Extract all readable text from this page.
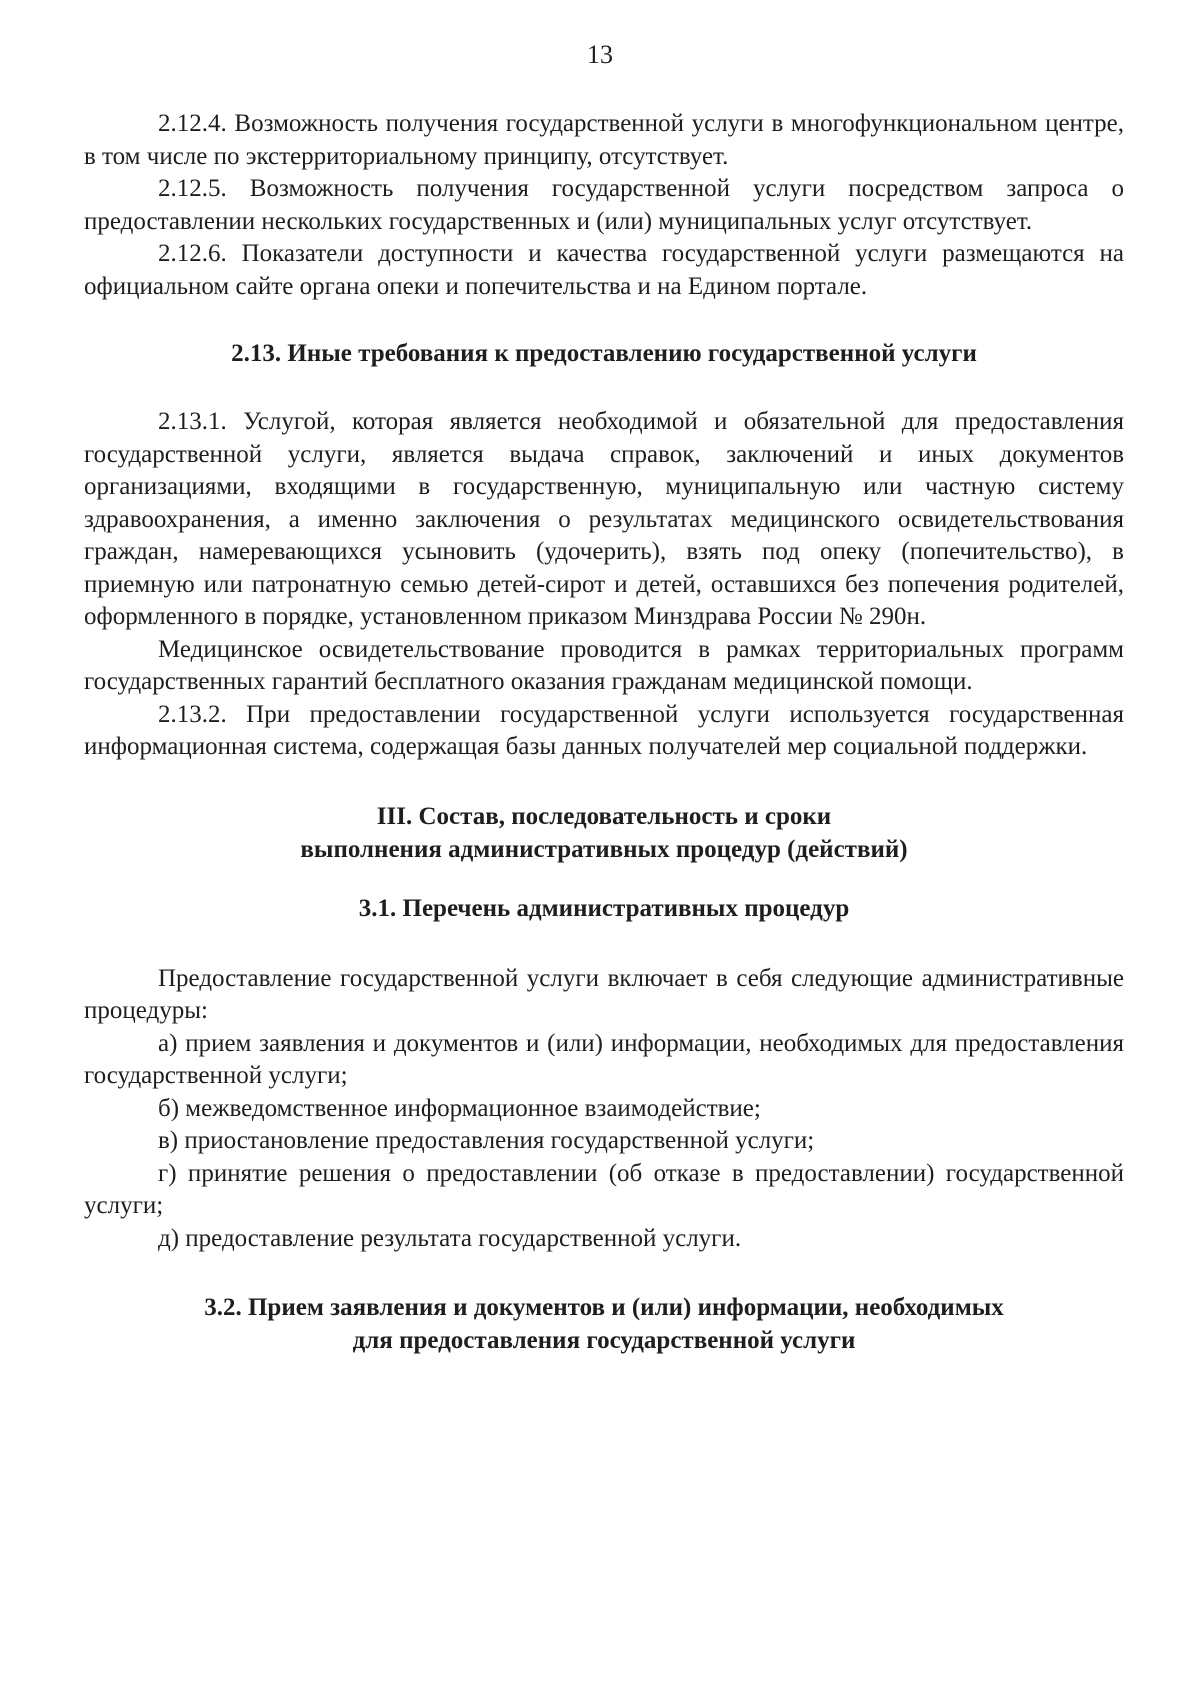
13

2.12.4. Возможность получения государственной услуги в многофункциональном центре, в том числе по экстерриториальному принципу, отсутствует.

2.12.5. Возможность получения государственной услуги посредством запроса о предоставлении нескольких государственных и (или) муниципальных услуг отсутствует.

2.12.6. Показатели доступности и качества государственной услуги размещаются на официальном сайте органа опеки и попечительства и на Едином портале.

2.13. Иные требования к предоставлению государственной услуги

2.13.1. Услугой, которая является необходимой и обязательной для предоставления государственной услуги, является выдача справок, заключений и иных документов организациями, входящими в государственную, муниципальную или частную систему здравоохранения, а именно заключения о результатах медицинского освидетельствования граждан, намеревающихся усыновить (удочерить), взять под опеку (попечительство), в приемную или патронатную семью детей-сирот и детей, оставшихся без попечения родителей, оформленного в порядке, установленном приказом Минздрава России № 290н.

Медицинское освидетельствование проводится в рамках территориальных программ государственных гарантий бесплатного оказания гражданам медицинской помощи.

2.13.2. При предоставлении государственной услуги используется государственная информационная система, содержащая базы данных получателей мер социальной поддержки.

III. Состав, последовательность и сроки
выполнения административных процедур (действий)
3.1. Перечень административных процедур

Предоставление государственной услуги включает в себя следующие административные процедуры:

а) прием заявления и документов и (или) информации, необходимых для предоставления государственной услуги;

б) межведомственное информационное взаимодействие;

в) приостановление предоставления государственной услуги;

г) принятие решения о предоставлении (об отказе в предоставлении) государственной услуги;

д) предоставление результата государственной услуги.

3.2. Прием заявления и документов и (или) информации, необходимых
для предоставления государственной услуги
